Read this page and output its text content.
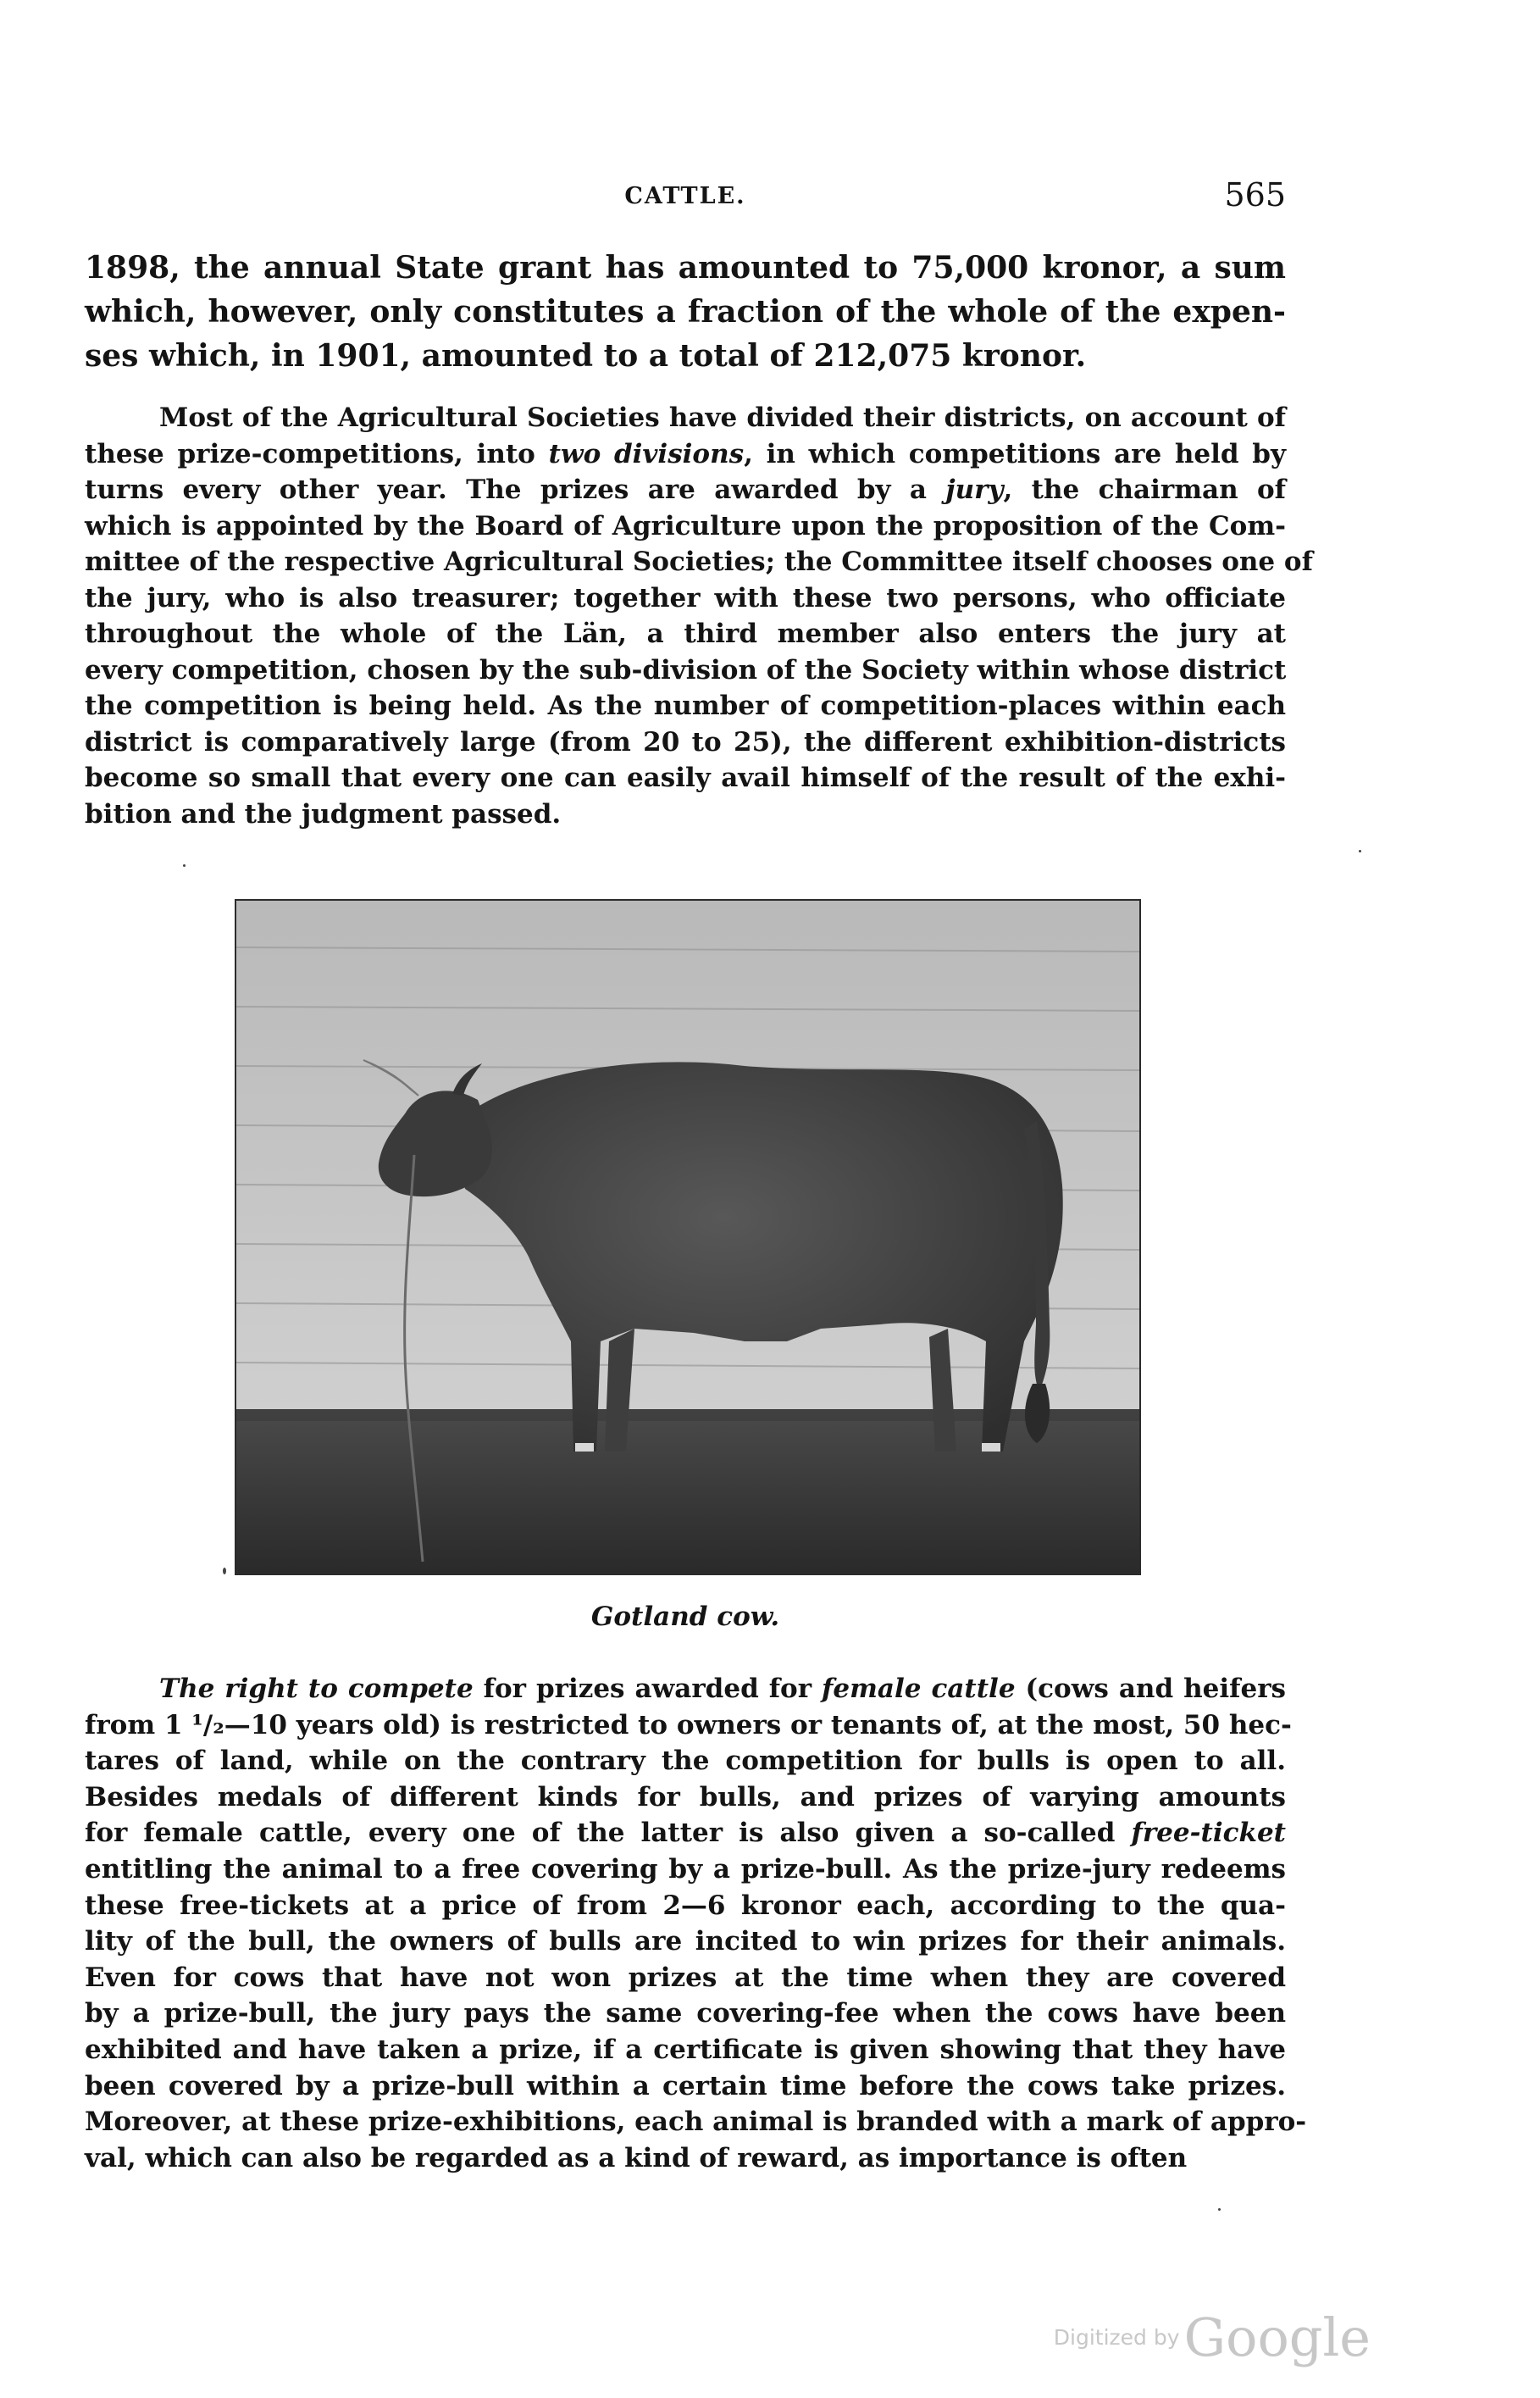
CATTLE.	565

1898, the annual State grant has amounted to 75,000 kronor, a sum
which, however, only constitutes a fraction of the whole of the expen-
ses which, in 1901, amounted to a total of 212,075 kronor.

Most of the Agricultural Societies have divided their districts, on account of
these prize-competitions, into two divisions, in which competitions are held by
turns every other year. The prizes are awarded by a jury, the chairman of
which is appointed by the Board of Agriculture upon the proposition of the Com-
mittee of the respective Agricultural Societies; the Committee itself chooses one of
the jury, who is also treasurer; together with these two persons, who officiate
throughout the whole of the Län, a third member also enters the jury at
every competition, chosen by the sub-division of the Society within whose district
the competition is being held. As the number of competition-places within each
district is comparatively large (from 20 to 25), the different exhibition-districts
become so small that every one can easily avail himself of the result of the exhi-
bition and the judgment passed.

Gotland cow.

The right to compete for prizes awarded for female cattle (cows and heifers
from 1 ¹/₂—10 years old) is restricted to owners or tenants of, at the most, 50 hec-
tares of land, while on the contrary the competition for bulls is open to all.
Besides medals of different kinds for bulls, and prizes of varying amounts
for female cattle, every one of the latter is also given a so-called free-ticket
entitling the animal to a free covering by a prize-bull. As the prize-jury redeems
these free-tickets at a price of from 2—6 kronor each, according to the qua-
lity of the bull, the owners of bulls are incited to win prizes for their animals.
Even for cows that have not won prizes at the time when they are covered
by a prize-bull, the jury pays the same covering-fee when the cows have been
exhibited and have taken a prize, if a certificate is given showing that they have
been covered by a prize-bull within a certain time before the cows take prizes.
Moreover, at these prize-exhibitions, each animal is branded with a mark of appro-
val, which can also be regarded as a kind of reward, as importance is often

Digitized by Google
